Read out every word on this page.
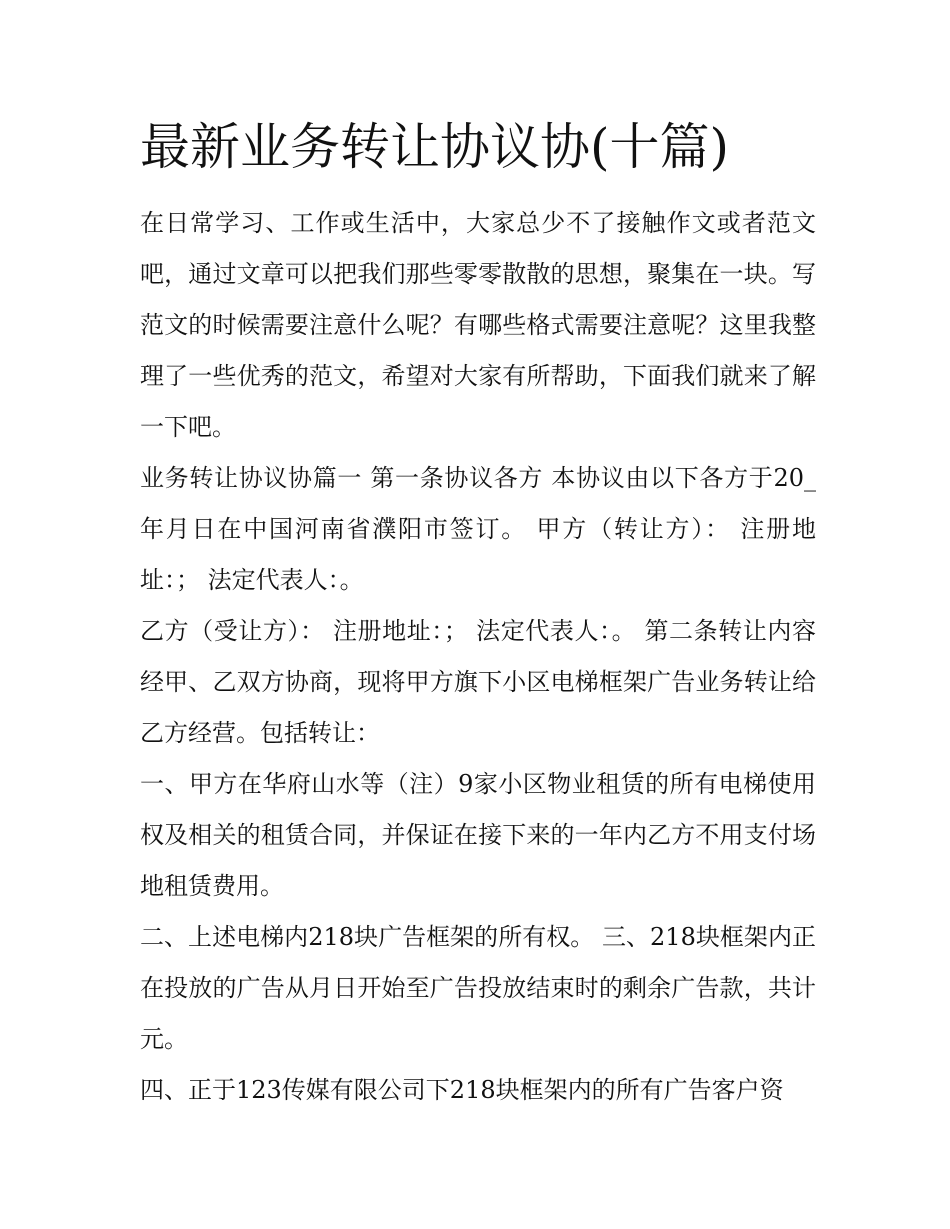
最新业务转让协议协(十篇)

在日常学习、工作或生活中，大家总少不了接触作文或者范文吧，通过文章可以把我们那些零零散散的思想，聚集在一块。写范文的时候需要注意什么呢？有哪些格式需要注意呢？这里我整理了一些优秀的范文，希望对大家有所帮助，下面我们就来了解一下吧。

业务转让协议协篇一 第一条协议各方 本协议由以下各方于20_年月日在中国河南省濮阳市签订。 甲方（转让方）： 注册地址：； 法定代表人：。

乙方（受让方）： 注册地址：； 法定代表人：。 第二条转让内容 经甲、乙双方协商，现将甲方旗下小区电梯框架广告业务转让给乙方经营。包括转让：

一、甲方在华府山水等（注）9家小区物业租赁的所有电梯使用权及相关的租赁合同，并保证在接下来的一年内乙方不用支付场地租赁费用。

二、上述电梯内218块广告框架的所有权。 三、218块框架内正在投放的广告从月日开始至广告投放结束时的剩余广告款，共计元。

四、正于123传媒有限公司下218块框架内的所有广告客户资
